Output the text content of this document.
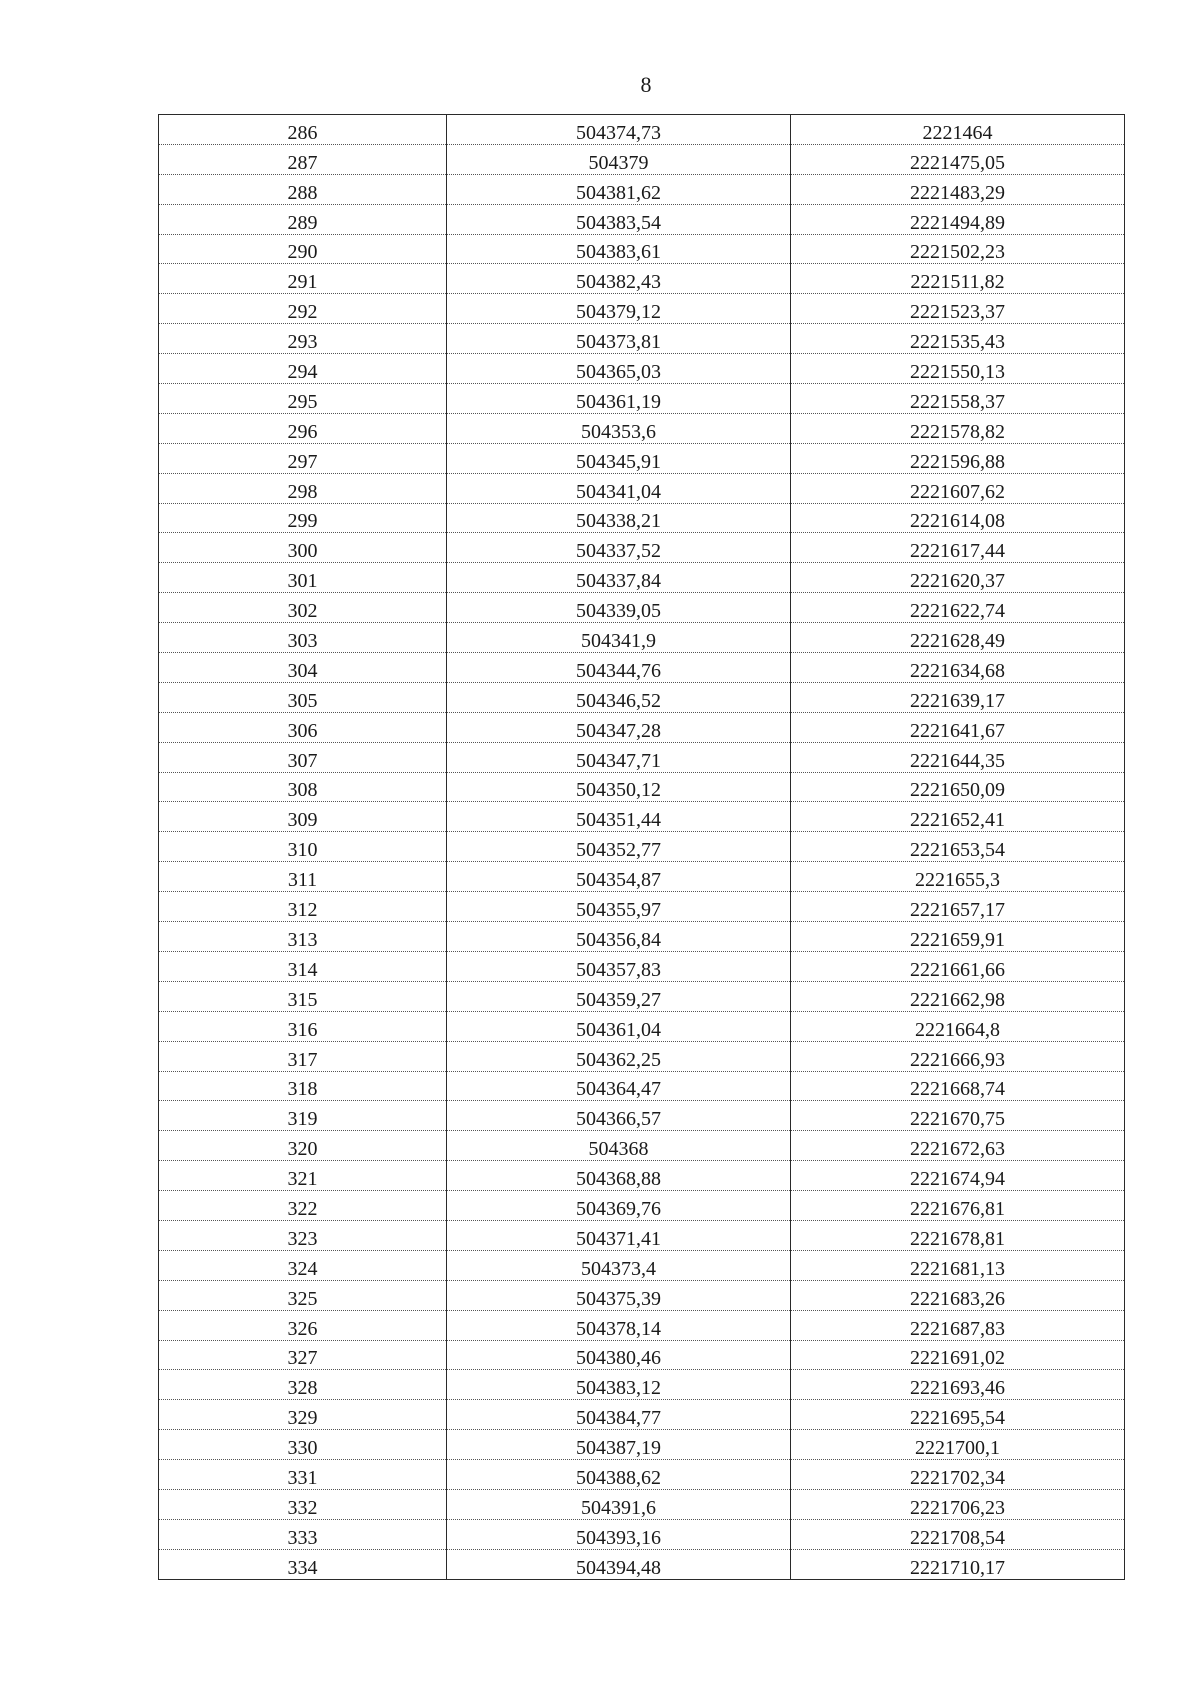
8
286	504374,73	2221464
287	504379	2221475,05
288	504381,62	2221483,29
289	504383,54	2221494,89
290	504383,61	2221502,23
291	504382,43	2221511,82
292	504379,12	2221523,37
293	504373,81	2221535,43
294	504365,03	2221550,13
295	504361,19	2221558,37
296	504353,6	2221578,82
297	504345,91	2221596,88
298	504341,04	2221607,62
299	504338,21	2221614,08
300	504337,52	2221617,44
301	504337,84	2221620,37
302	504339,05	2221622,74
303	504341,9	2221628,49
304	504344,76	2221634,68
305	504346,52	2221639,17
306	504347,28	2221641,67
307	504347,71	2221644,35
308	504350,12	2221650,09
309	504351,44	2221652,41
310	504352,77	2221653,54
311	504354,87	2221655,3
312	504355,97	2221657,17
313	504356,84	2221659,91
314	504357,83	2221661,66
315	504359,27	2221662,98
316	504361,04	2221664,8
317	504362,25	2221666,93
318	504364,47	2221668,74
319	504366,57	2221670,75
320	504368	2221672,63
321	504368,88	2221674,94
322	504369,76	2221676,81
323	504371,41	2221678,81
324	504373,4	2221681,13
325	504375,39	2221683,26
326	504378,14	2221687,83
327	504380,46	2221691,02
328	504383,12	2221693,46
329	504384,77	2221695,54
330	504387,19	2221700,1
331	504388,62	2221702,34
332	504391,6	2221706,23
333	504393,16	2221708,54
334	504394,48	2221710,17
